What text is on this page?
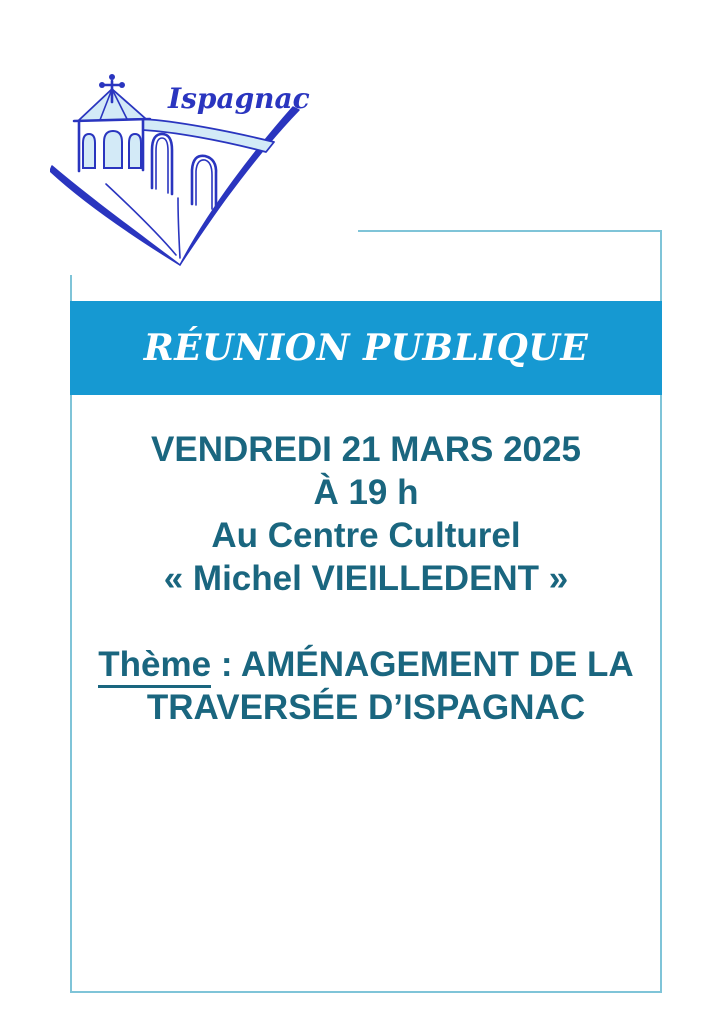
Ispagnac
RÉUNION PUBLIQUE
VENDREDI 21 MARS 2025
À 19 h
Au Centre Culturel
« Michel VIEILLEDENT »
Thème : AMÉNAGEMENT DE LA
TRAVERSÉE D’ISPAGNAC
